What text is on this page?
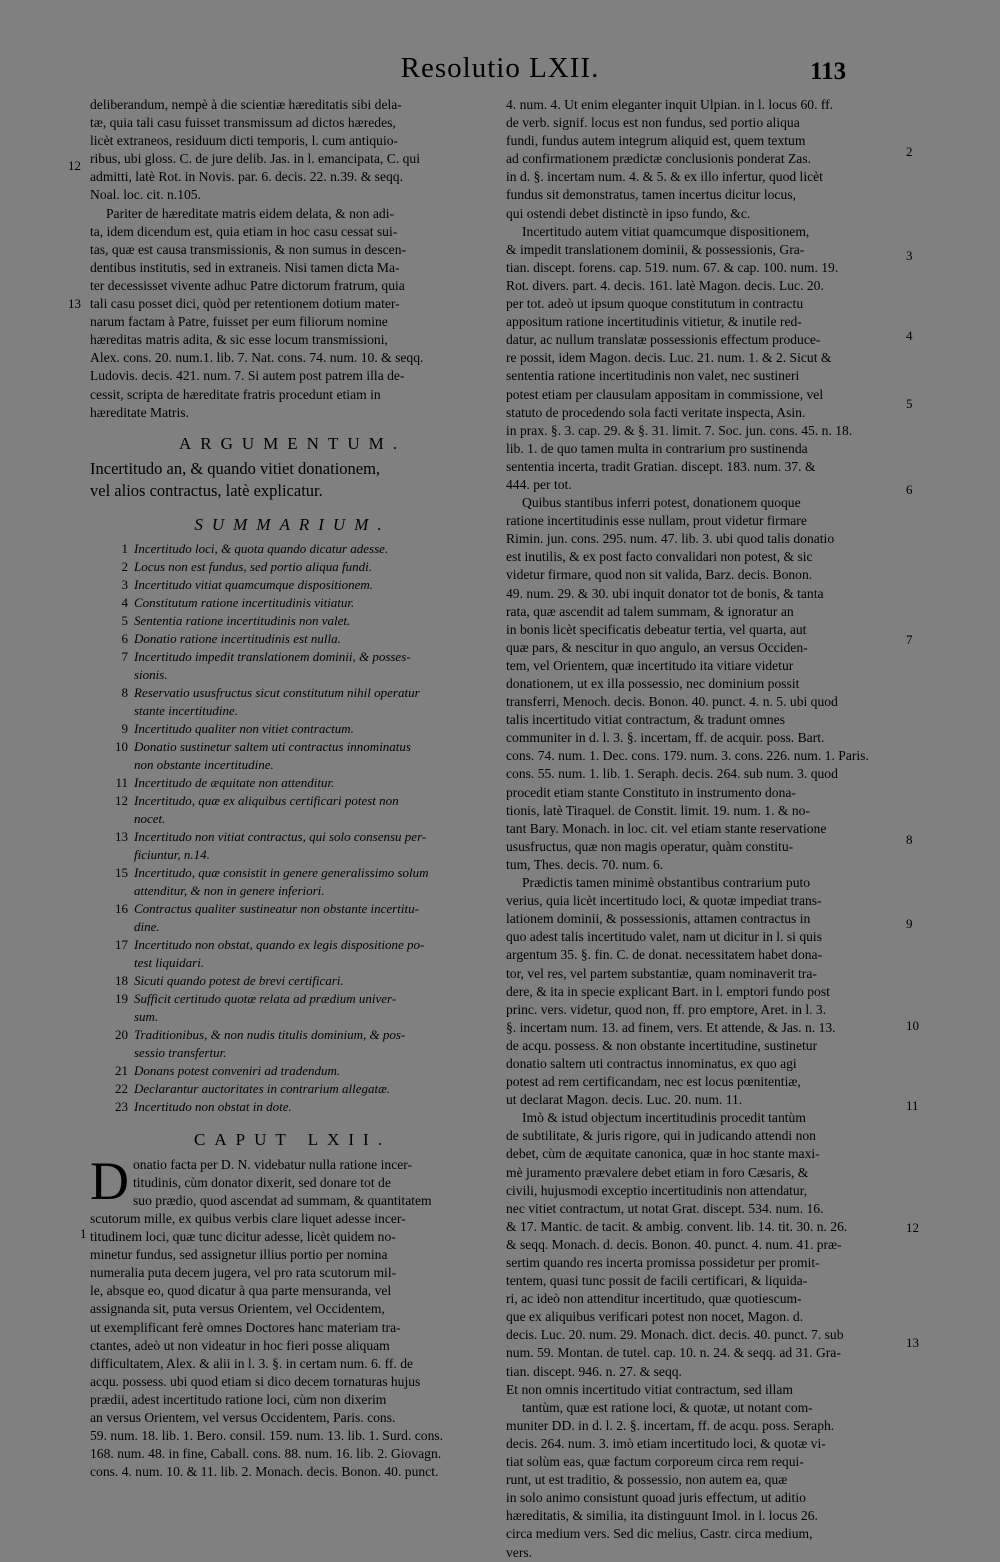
Resolutio LXII.	113
deliberandum, nempè à die scientiæ hæreditatis sibi dela-
tæ, quia tali casu fuisset transmissum ad dictos hæredes,
licèt extraneos, residuum dicti temporis, l. cum antiquio-
ribus, ubi gloss. C. de jure delib. Jas. in l. emancipata, C. qui
admitti, latè Rot. in Novis. par. 6. decis. 22. n.39. & seqq.
Noal. loc. cit. n.105.
Pariter de hæreditate matris eidem delata, & non adi-
ta, idem dicendum est, quia etiam in hoc casu cessat sui-
tas, quæ est causa transmissionis, & non sumus in descen-
dentibus institutis, sed in extraneis. Nisi tamen dicta Ma-
ter decessisset vivente adhuc Patre dictorum fratrum, quia
tali casu posset dici, quòd per retentionem dotium mater-
narum factam à Patre, fuisset per eum filiorum nomine
hæreditas matris adita, & sic esse locum transmissioni,
Alex. cons. 20. num.1. lib. 7. Nat. cons. 74. num. 10. & seqq.
Ludovis. decis. 421. num. 7. Si autem post patrem illa de-
cessit, scripta de hæreditate fratris procedunt etiam in
hæreditate Matris.
ARGUMENTUM.
Incertitudo an, & quando vitiet donationem,
vel alios contractus, latè explicatur.
SUMMARIUM.
1 Incertitudo loci, & quota quando dicatur adesse.
2 Locus non est fundus, sed portio aliqua fundi.
3 Incertitudo vitiat quamcumque dispositionem.
4 Constitutum ratione incertitudinis vitiatur.
5 Sententia ratione incertitudinis non valet.
6 Donatio ratione incertitudinis est nulla.
7 Incertitudo impedit translationem dominii, & posses-
sionis.
8 Reservatio ususfructus sicut constitutum nihil operatur
stante incertitudine.
9 Incertitudo qualiter non vitiet contractum.
10 Donatio sustinetur saltem uti contractus innominatus
non obstante incertitudine.
11 Incertitudo de æquitate non attenditur.
12 Incertitudo, quæ ex aliquibus certificari potest non
nocet.
13 Incertitudo non vitiat contractus, qui solo consensu per-
ficiuntur, n.14.
15 Incertitudo, quæ consistit in genere generalissimo solum
attenditur, & non in genere inferiori.
16 Contractus qualiter sustineatur non obstante incertitu-
dine.
17 Incertitudo non obstat, quando ex legis dispositione po-
test liquidari.
18 Sicuti quando potest de brevi certificari.
19 Sufficit certitudo quotæ relata ad prædium univer-
sum.
20 Traditionibus, & non nudis titulis dominium, & pos-
sessio transfertur.
21 Donans potest conveniri ad tradendum.
22 Declarantur auctoritates in contrarium allegatæ.
23 Incertitudo non obstat in dote.
CAPUT LXII.
D onatio facta per D. N. videbatur nulla ratione incer-
titudinis, cùm donator dixerit, sed donare tot de
suo prædio, quod ascendat ad summam, & quantitatem
scutorum mille, ex quibus verbis clare liquet adesse incer-
titudinem loci, quæ tunc dicitur adesse, licèt quidem no-
minetur fundus, sed assignetur illius portio per nomina
numeralia puta decem jugera, vel pro rata scutorum mil-
le, absque eo, quod dicatur à qua parte mensuranda, vel
assignanda sit, puta versus Orientem, vel Occidentem,
ut exemplificant ferè omnes Doctores hanc materiam tra-
ctantes, adeò ut non videatur in hoc fieri posse aliquam
difficultatem, Alex. & alii in l. 3. §. in certam num. 6. ff. de
acqu. possess. ubi quod etiam si dico decem tornaturas hujus
prædii, adest incertitudo ratione loci, cùm non dixerim
an versus Orientem, vel versus Occidentem, Paris. cons.
59. num. 18. lib. 1. Bero. consil. 159. num. 13. lib. 1. Surd. cons.
168. num. 48. in fine, Caball. cons. 88. num. 16. lib. 2. Giovagn.
cons. 4. num. 10. & 11. lib. 2. Monach. decis. Bonon. 40. punct.
4. num. 4. Ut enim eleganter inquit Ulpian. in l. locus 60. ff.
de verb. signif. locus est non fundus, sed portio aliqua
fundi, fundus autem integrum aliquid est, quem textum
ad confirmationem prædictæ conclusionis ponderat Zas.
in d. §. incertam num. 4. & 5. & ex illo infertur, quod licèt
fundus sit demonstratus, tamen incertus dicitur locus,
qui ostendi debet distinctè in ipso fundo, &c.
Incertitudo autem vitiat quamcumque dispositionem,
& impedit translationem dominii, & possessionis, Gra-
tian. discept. forens. cap. 519. num. 67. & cap. 100. num. 19.
Rot. divers. part. 4. decis. 161. latè Magon. decis. Luc. 20.
per tot. adeò ut ipsum quoque constitutum in contractu
appositum ratione incertitudinis vitietur, & inutile red-
datur, ac nullum translatæ possessionis effectum produce-
re possit, idem Magon. decis. Luc. 21. num. 1. & 2. Sicut &
sententia ratione incertitudinis non valet, nec sustineri
potest etiam per clausulam appositam in commissione, vel
statuto de procedendo sola facti veritate inspecta, Asin.
in prax. §. 3. cap. 29. & §. 31. limit. 7. Soc. jun. cons. 45. n. 18.
lib. 1. de quo tamen multa in contrarium pro sustinenda
sententia incerta, tradit Gratian. discept. 183. num. 37. &
444. per tot.
Quibus stantibus inferri potest, donationem quoque
ratione incertitudinis esse nullam, prout videtur firmare
Rimin. jun. cons. 295. num. 47. lib. 3. ubi quod talis donatio
est inutilis, & ex post facto convalidari non potest, & sic
videtur firmare, quod non sit valida, Barz. decis. Bonon.
49. num. 29. & 30. ubi inquit donator tot de bonis, & tanta
rata, quæ ascendit ad talem summam, & ignoratur an
in bonis licèt specificatis debeatur tertia, vel quarta, aut
quæ pars, & nescitur in quo angulo, an versus Occiden-
tem, vel Orientem, quæ incertitudo ita vitiare videtur
donationem, ut ex illa possessio, nec dominium possit
transferri, Menoch. decis. Bonon. 40. punct. 4. n. 5. ubi quod
talis incertitudo vitiat contractum, & tradunt omnes
communiter in d. l. 3. §. incertam, ff. de acquir. poss. Bart.
cons. 74. num. 1. Dec. cons. 179. num. 3. cons. 226. num. 1. Paris.
cons. 55. num. 1. lib. 1. Seraph. decis. 264. sub num. 3. quod
procedit etiam stante Constituto in instrumento dona-
tionis, latè Tiraquel. de Constit. limit. 19. num. 1. & no-
tant Bary. Monach. in loc. cit. vel etiam stante reservatione
ususfructus, quæ non magis operatur, quàm constitu-
tum, Thes. decis. 70. num. 6.
Prædictis tamen minimè obstantibus contrarium puto
verius, quia licèt incertitudo loci, & quotæ impediat trans-
lationem dominii, & possessionis, attamen contractus in
quo adest talis incertitudo valet, nam ut dicitur in l. si quis
argentum 35. §. fin. C. de donat. necessitatem habet dona-
tor, vel res, vel partem substantiæ, quam nominaverit tra-
dere, & ita in specie explicant Bart. in l. emptori fundo post
princ. vers. videtur, quod non, ff. pro emptore, Aret. in l. 3.
§. incertam num. 13. ad finem, vers. Et attende, & Jas. n. 13.
de acqu. possess. & non obstante incertitudine, sustinetur
donatio saltem uti contractus innominatus, ex quo agi
potest ad rem certificandam, nec est locus pœnitentiæ,
ut declarat Magon. decis. Luc. 20. num. 11.
Imò & istud objectum incertitudinis procedit tantùm
de subtilitate, & juris rigore, qui in judicando attendi non
debet, cùm de æquitate canonica, quæ in hoc stante maxi-
mè juramento prævalere debet etiam in foro Cæsaris, &
civili, hujusmodi exceptio incertitudinis non attendatur,
nec vitiet contractum, ut notat Grat. discept. 534. num. 16.
& 17. Mantic. de tacit. & ambig. convent. lib. 14. tit. 30. n. 26.
& seqq. Monach. d. decis. Bonon. 40. punct. 4. num. 41. præ-
sertim quando res incerta promissa possidetur per promit-
tentem, quasi tunc possit de facili certificari, & liquida-
ri, ac ideò non attenditur incertitudo, quæ quotiescum-
que ex aliquibus verificari potest non nocet, Magon. d.
decis. Luc. 20. num. 29. Monach. dict. decis. 40. punct. 7. sub
num. 59. Montan. de tutel. cap. 10. n. 24. & seqq. ad 31. Gra-
tian. discept. 946. n. 27. & seqq.
Et non omnis incertitudo vitiat contractum, sed illam
tantùm, quæ est ratione loci, & quotæ, ut notant com-
muniter DD. in d. l. 2. §. incertam, ff. de acqu. poss. Seraph.
decis. 264. num. 3. imò etiam incertitudo loci, & quotæ vi-
tiat solùm eas, quæ factum corporeum circa rem requi-
runt, ut est traditio, & possessio, non autem ea, quæ
in solo animo consistunt quoad juris effectum, ut aditio
hæreditatis, & similia, ita distinguunt Imol. in l. locus 26.
circa medium vers. Sed dic melius, Castr. circa medium,
vers.
12
13
1
2
3
4
5
6
7
8
9
10
11
12
13
